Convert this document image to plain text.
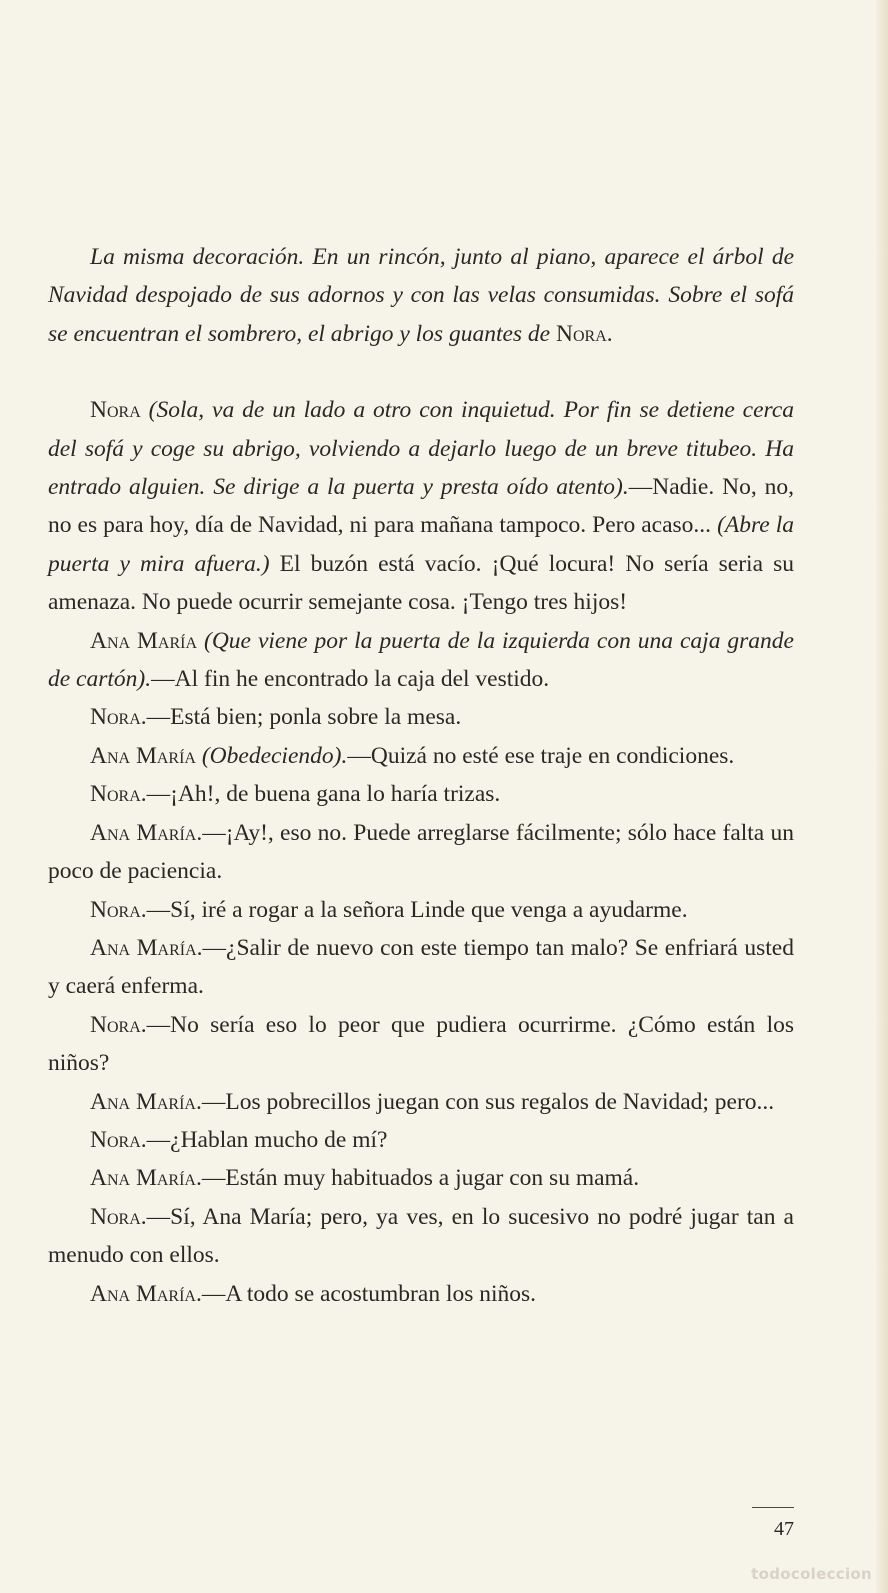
La misma decoración. En un rincón, junto al piano, aparece el árbol de Navidad despojado de sus adornos y con las velas consumidas. Sobre el sofá se encuentran el sombrero, el abrigo y los guantes de Nora.

Nora (Sola, va de un lado a otro con inquietud. Por fin se detiene cerca del sofá y coge su abrigo, volviendo a dejarlo luego de un breve titubeo. Ha entrado alguien. Se dirige a la puerta y presta oído atento).—Nadie. No, no, no es para hoy, día de Navidad, ni para mañana tampoco. Pero acaso... (Abre la puerta y mira afuera.) El buzón está vacío. ¡Qué locura! No sería seria su amenaza. No puede ocurrir semejante cosa. ¡Tengo tres hijos!

Ana María (Que viene por la puerta de la izquierda con una caja grande de cartón).—Al fin he encontrado la caja del vestido.

Nora.—Está bien; ponla sobre la mesa.

Ana María (Obedeciendo).—Quizá no esté ese traje en condiciones.

Nora.—¡Ah!, de buena gana lo haría trizas.

Ana María.—¡Ay!, eso no. Puede arreglarse fácilmente; sólo hace falta un poco de paciencia.

Nora.—Sí, iré a rogar a la señora Linde que venga a ayudarme.

Ana María.—¿Salir de nuevo con este tiempo tan malo? Se enfriará usted y caerá enferma.

Nora.—No sería eso lo peor que pudiera ocurrirme. ¿Cómo están los niños?

Ana María.—Los pobrecillos juegan con sus regalos de Navidad; pero...

Nora.—¿Hablan mucho de mí?

Ana María.—Están muy habituados a jugar con su mamá.

Nora.—Sí, Ana María; pero, ya ves, en lo sucesivo no podré jugar tan a menudo con ellos.

Ana María.—A todo se acostumbran los niños.

47
todocoleccion
